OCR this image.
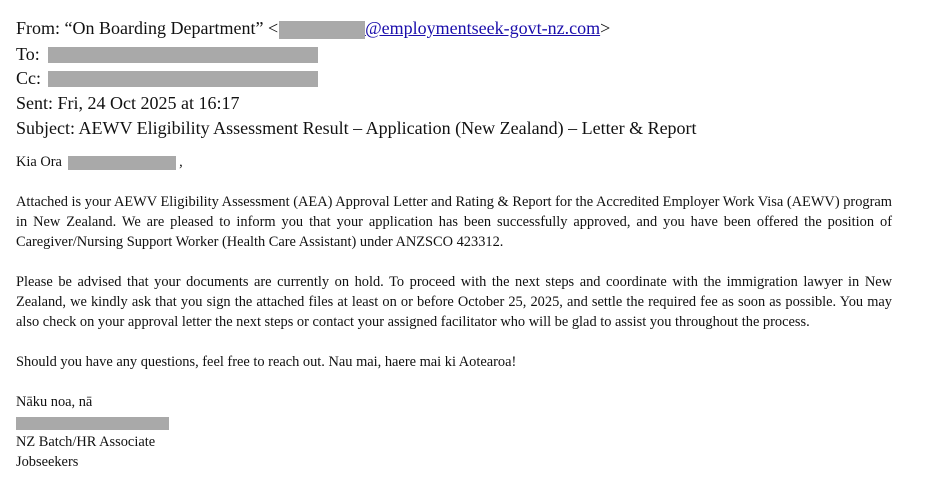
From: “On Boarding Department” <	@employmentseek-govt-nz.com>
To:
Cc:
Sent: Fri, 24 Oct 2025 at 16:17
Subject: AEWV Eligibility Assessment Result – Application (New Zealand) – Letter & Report
Kia Ora	,
Attached is your AEWV Eligibility Assessment (AEA) Approval Letter and Rating & Report for the Accredited Employer Work Visa (AEWV) program in New Zealand. We are pleased to inform you that your application has been successfully approved, and you have been offered the position of Caregiver/Nursing Support Worker (Health Care Assistant) under ANZSCO 423312.
Please be advised that your documents are currently on hold. To proceed with the next steps and coordinate with the immigration lawyer in New Zealand, we kindly ask that you sign the attached files at least on or before October 25, 2025, and settle the required fee as soon as possible. You may also check on your approval letter the next steps or contact your assigned facilitator who will be glad to assist you throughout the process.
Should you have any questions, feel free to reach out. Nau mai, haere mai ki Aotearoa!
Nāku noa, nā
NZ Batch/HR Associate
Jobseekers
